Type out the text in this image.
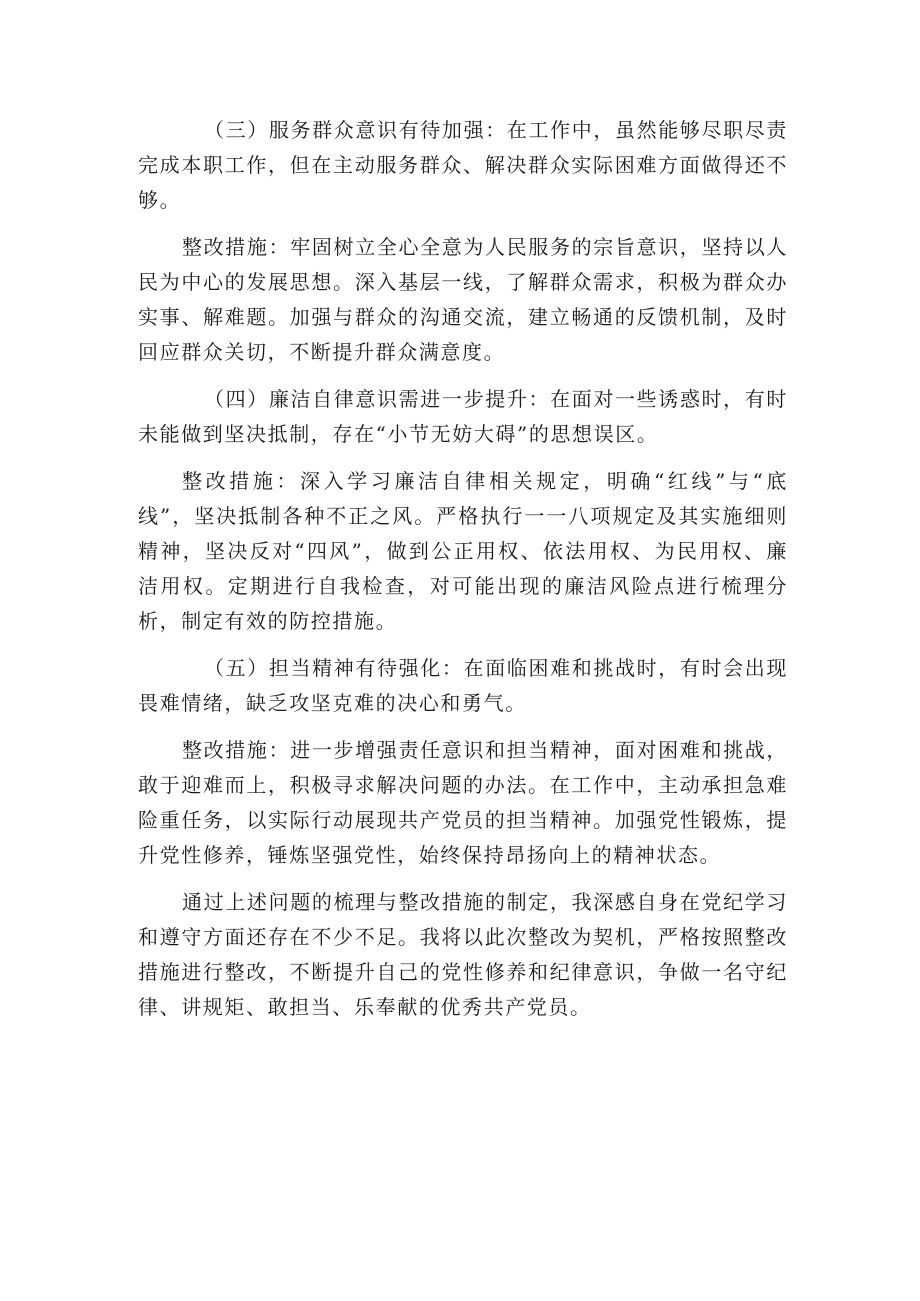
（三）服务群众意识有待加强：在工作中，虽然能够尽职尽责完成本职工作，但在主动服务群众、解决群众实际困难方面做得还不够。

整改措施：牢固树立全心全意为人民服务的宗旨意识，坚持以人民为中心的发展思想。深入基层一线，了解群众需求，积极为群众办实事、解难题。加强与群众的沟通交流，建立畅通的反馈机制，及时回应群众关切，不断提升群众满意度。

（四）廉洁自律意识需进一步提升：在面对一些诱惑时，有时未能做到坚决抵制，存在“小节无妨大碍”的思想误区。

整改措施：深入学习廉洁自律相关规定，明确“红线”与“底线”，坚决抵制各种不正之风。严格执行一一八项规定及其实施细则精神，坚决反对“四风”，做到公正用权、依法用权、为民用权、廉洁用权。定期进行自我检查，对可能出现的廉洁风险点进行梳理分析，制定有效的防控措施。

（五）担当精神有待强化：在面临困难和挑战时，有时会出现畏难情绪，缺乏攻坚克难的决心和勇气。

整改措施：进一步增强责任意识和担当精神，面对困难和挑战，敢于迎难而上，积极寻求解决问题的办法。在工作中，主动承担急难险重任务，以实际行动展现共产党员的担当精神。加强党性锻炼，提升党性修养，锤炼坚强党性，始终保持昂扬向上的精神状态。

通过上述问题的梳理与整改措施的制定，我深感自身在党纪学习和遵守方面还存在不少不足。我将以此次整改为契机，严格按照整改措施进行整改，不断提升自己的党性修养和纪律意识，争做一名守纪律、讲规矩、敢担当、乐奉献的优秀共产党员。
